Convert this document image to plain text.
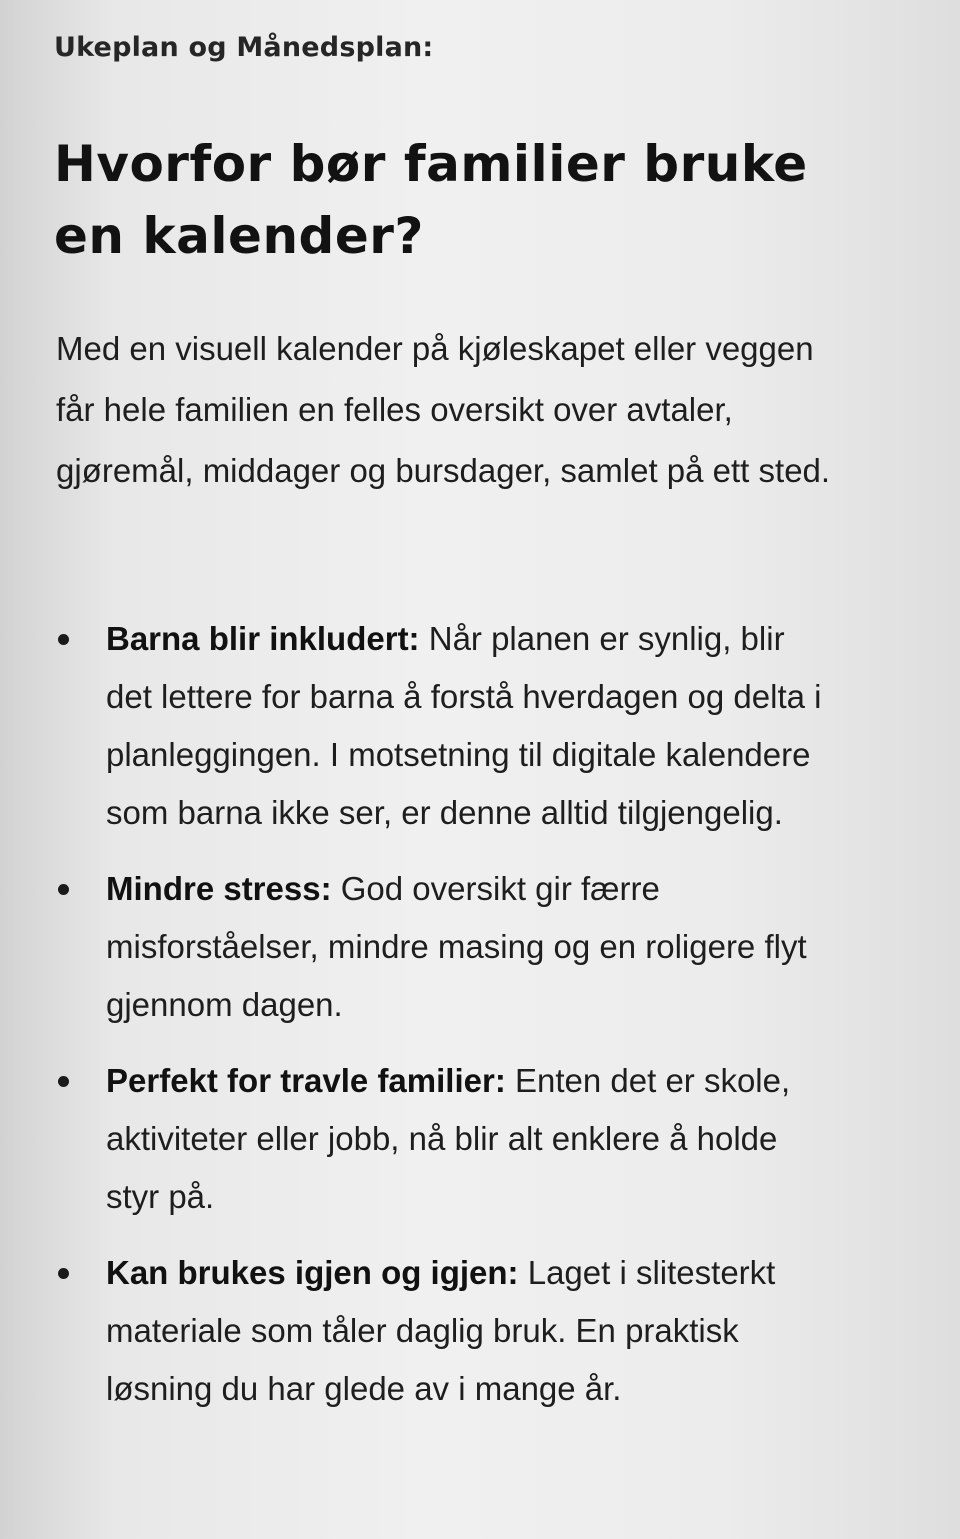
Ukeplan og Månedsplan:
Hvorfor bør familier bruke en kalender?

Med en visuell kalender på kjøleskapet eller veggen får hele familien en felles oversikt over avtaler, gjøremål, middager og bursdager, samlet på ett sted.

Barna blir inkludert: Når planen er synlig, blir det lettere for barna å forstå hverdagen og delta i planleggingen. I motsetning til digitale kalendere som barna ikke ser, er denne alltid tilgjengelig.
Mindre stress: God oversikt gir færre misforståelser, mindre masing og en roligere flyt gjennom dagen.
Perfekt for travle familier: Enten det er skole, aktiviteter eller jobb, nå blir alt enklere å holde styr på.
Kan brukes igjen og igjen: Laget i slitesterkt materiale som tåler daglig bruk. En praktisk løsning du har glede av i mange år.
